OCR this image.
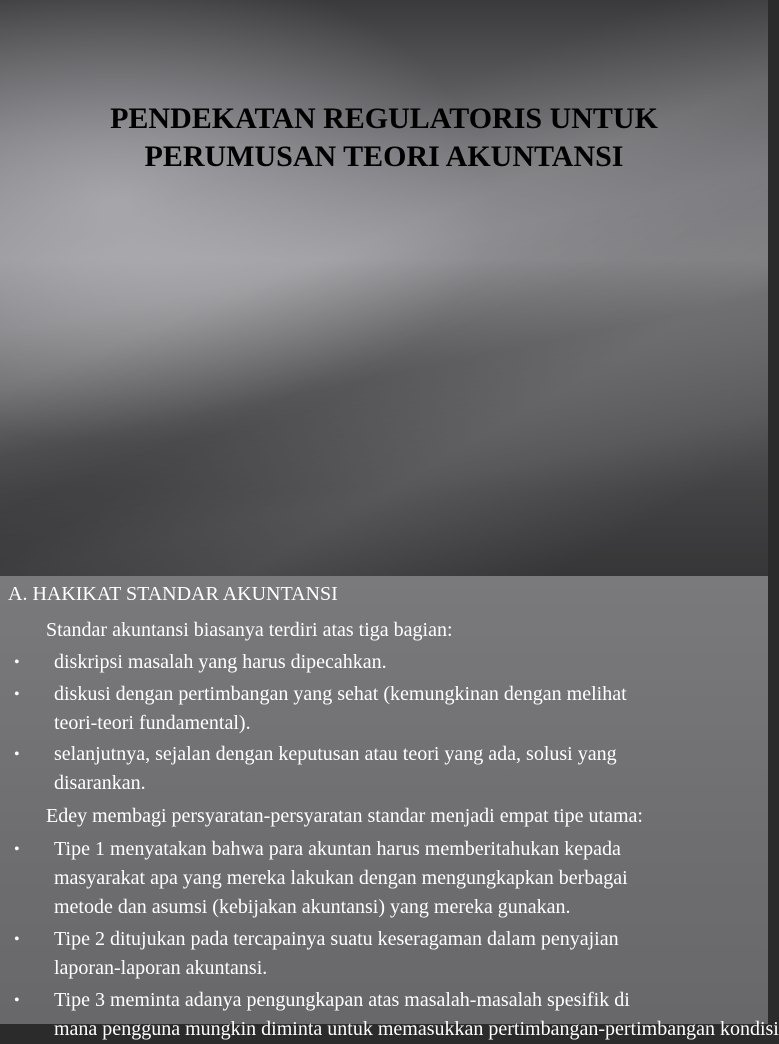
PENDEKATAN REGULATORIS UNTUK
PERUMUSAN TEORI AKUNTANSI
A. HAKIKAT STANDAR AKUNTANSI
Standar akuntansi biasanya terdiri atas tiga bagian:
• diskripsi masalah yang harus dipecahkan.
• diskusi dengan pertimbangan yang sehat (kemungkinan dengan melihat
teori-teori fundamental).
• selanjutnya, sejalan dengan keputusan atau teori yang ada, solusi yang
disarankan.
Edey membagi persyaratan-persyaratan standar menjadi empat tipe utama:
• Tipe 1 menyatakan bahwa para akuntan harus memberitahukan kepada
masyarakat apa yang mereka lakukan dengan mengungkapkan berbagai
metode dan asumsi (kebijakan akuntansi) yang mereka gunakan.
• Tipe 2 ditujukan pada tercapainya suatu keseragaman dalam penyajian
laporan-laporan akuntansi.
• Tipe 3 meminta adanya pengungkapan atas masalah-masalah spesifik di
mana pengguna mungkin diminta untuk memasukkan pertimbangan-pertimbangan kondisi
